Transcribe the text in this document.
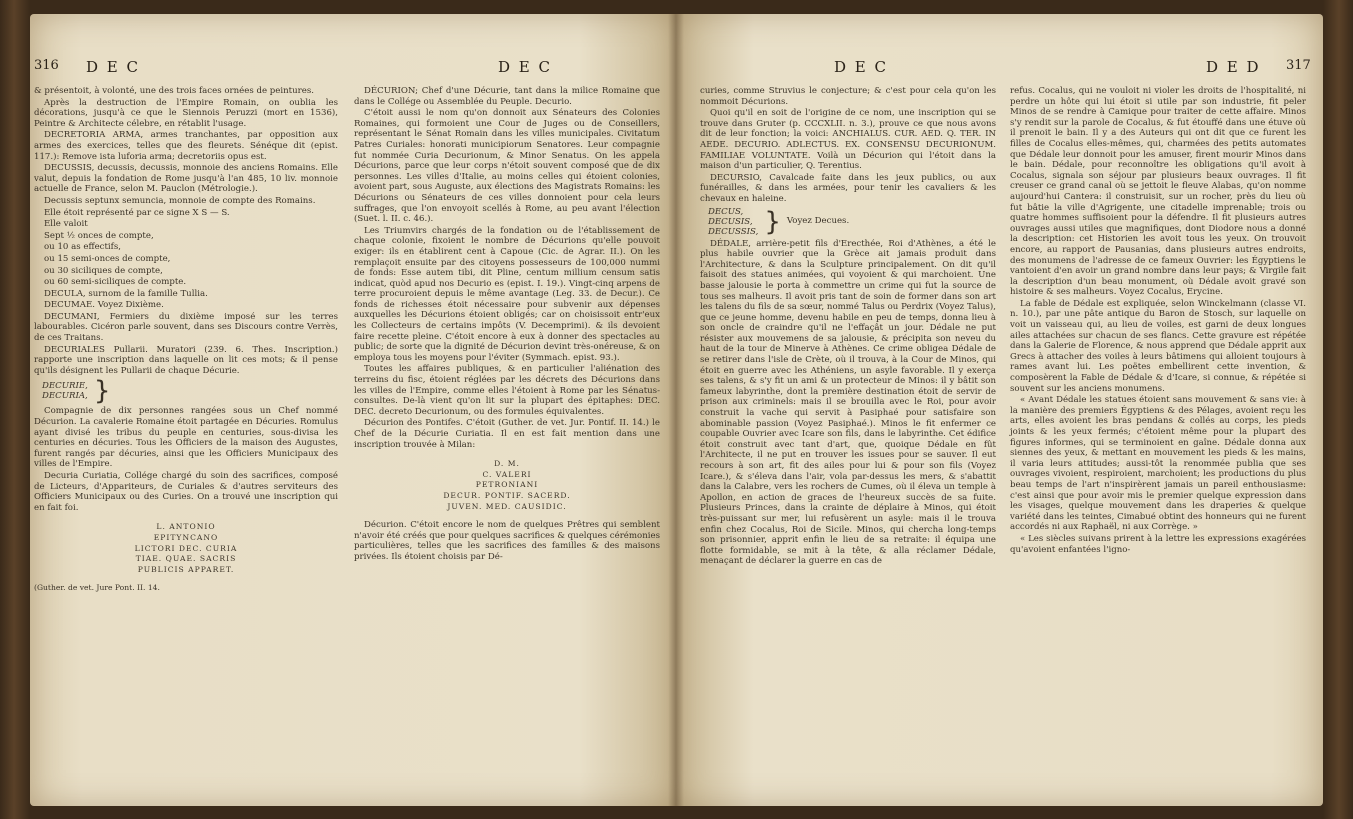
316 D E C	D E C

& présentoit, à volonté, une des trois faces ornées de peintures.

Après la destruction de l'Empire Romain, on oublia les décorations, jusqu'à ce que le Siennois Peruzzi (mort en 1536), Peintre & Architecte célebre, en rétablit l'usage.

DECRETORIA ARMA, armes tranchantes, par opposition aux armes des exercices, telles que des fleurets. Sénéque dit (epist. 117.): Remove ista luforia arma; decretoriis opus est.

DECUSSIS, decussis, decussis, monnoie des anciens Romains. Elle valut, depuis la fondation de Rome jusqu'à l'an 485, 10 liv. monnoie actuelle de France, selon M. Pauclon (Métrologie.).

Decussis septunx semuncia, monnoie de compte des Romains.

Elle étoit représenté par ce signe X S — S.

Elle valoit

Sept ½ onces de compte,

ou 10 as effectifs,

ou 15 semi-onces de compte,

ou 30 siciliques de compte,

ou 60 semi-siciliques de compte.

DECULA, surnom de la famille Tullia.

DECUMAE. Voyez Dixième.

DECUMANI, Fermiers du dixième imposé sur les terres labourables. Cicéron parle souvent, dans ses Discours contre Verrès, de ces Traitans.

DECURIALES Pullarii. Muratori (239. 6. Thes. Inscription.) rapporte une inscription dans laquelle on lit ces mots; & il pense qu'ils désignent les Pullarii de chaque Décurie.

DECURIE,
DECURIA, }

Compagnie de dix personnes rangées sous un Chef nommé Décurion. La cavalerie Romaine étoit partagée en Décuries. Romulus ayant divisé les tribus du peuple en centuries, sous-divisa les centuries en décuries. Tous les Officiers de la maison des Augustes, furent rangés par décuries, ainsi que les Officiers Municipaux des villes de l'Empire.

Decuria Curiatia, Collége chargé du soin des sacrifices, composé de Licteurs, d'Appariteurs, de Curiales & d'autres serviteurs des Officiers Municipaux ou des Curies. On a trouvé une inscription qui en fait foi.

L. ANTONIO

EPITYNCANO

LICTORI DEC. CURIA

TIAE. QUAE. SACRIS

PUBLICIS APPARET.

(Guther. de vet. Jure Pont. II. 14.

DÉCURION; Chef d'une Décurie, tant dans la milice Romaine que dans le Collége ou Assemblée du Peuple. Decurio.

C'étoit aussi le nom qu'on donnoit aux Sénateurs des Colonies Romaines, qui formoient une Cour de Juges ou de Conseillers, représentant le Sénat Romain dans les villes municipales. Civitatum Patres Curiales: honorati municipiorum Senatores. Leur compagnie fut nommée Curia Decurionum, & Minor Senatus. On les appela Décurions, parce que leur corps n'étoit souvent composé que de dix personnes. Les villes d'Italie, au moins celles qui étoient colonies, avoient part, sous Auguste, aux élections des Magistrats Romains: les Décurions ou Sénateurs de ces villes donnoient pour cela leurs suffrages, que l'on envoyoit scellés à Rome, au peu avant l'élection (Suet. l. II. c. 46.).

Les Triumvirs chargés de la fondation ou de l'établissement de chaque colonie, fixoient le nombre de Décurions qu'elle pouvoit exiger: ils en établirent cent à Capoue (Cic. de Agrar. II.). On les remplaçoit ensuite par des citoyens possesseurs de 100,000 nummi de fonds: Esse autem tibi, dit Pline, centum millium censum satis indicat, quòd apud nos Decurio es (epist. I. 19.). Vingt-cinq arpens de terre procuroient depuis le même avantage (Leg. 33. de Decur.). Ce fonds de richesses étoit nécessaire pour subvenir aux dépenses auxquelles les Décurions étoient obligés; car on choisissoit entr'eux les Collecteurs de certains impôts (V. Decemprimi). & ils devoient faire recette pleine. C'étoit encore à eux à donner des spectacles au public; de sorte que la dignité de Décurion devint très-onéreuse, & on employa tous les moyens pour l'éviter (Symmach. epist. 93.).

Toutes les affaires publiques, & en particulier l'aliénation des terreins du fisc, étoient réglées par les décrets des Décurions dans les villes de l'Empire, comme elles l'étoient à Rome par les Sénatus-consultes. De-là vient qu'on lit sur la plupart des épitaphes: DEC. DEC. decreto Decurionum, ou des formules équivalentes.

Décurion des Pontifes. C'étoit (Guther. de vet. Jur. Pontif. II. 14.) le Chef de la Décurie Curiatia. Il en est fait mention dans une inscription trouvée à Milan:

D. M.

C. VALERI

PETRONIANI

DECUR. PONTIF. SACERD.

JUVEN. MED. CAUSIDIC.

Décurion. C'étoit encore le nom de quelques Prêtres qui semblent n'avoir été créés que pour quelques sacrifices & quelques cérémonies particulières, telles que les sacrifices des familles & des maisons privées. Ils étoient choisis par Dé-

D E C	D E D 317

curies, comme Struvius le conjecture; & c'est pour cela qu'on les nommoit Décurions.

Quoi qu'il en soit de l'origine de ce nom, une inscription qui se trouve dans Gruter (p. CCCXLII. n. 3.), prouve ce que nous avons dit de leur fonction; la voici: ANCHIALUS. CUR. AED. Q. TER. IN AEDE. DECURIO. ADLECTUS. EX. CONSENSU DECURIONUM. FAMILIAE VOLUNTATE. Voilà un Décurion qui l'étoit dans la maison d'un particulier, Q. Terentius.

DECURSIO, Cavalcade faite dans les jeux publics, ou aux funérailles, & dans les armées, pour tenir les cavaliers & les chevaux en haleine.

DECUS,
DECUSIS,
DECUSSIS, } Voyez Decues.

DÉDALE, arrière-petit fils d'Erecthée, Roi d'Athènes, a été le plus habile ouvrier que la Grèce ait jamais produit dans l'Architecture, & dans la Sculpture principalement. On dit qu'il faisoit des statues animées, qui voyoient & qui marchoient. Une basse jalousie le porta à commettre un crime qui fut la source de tous ses malheurs. Il avoit pris tant de soin de former dans son art les talens du fils de sa sœur, nommé Talus ou Perdrix (Voyez Talus), que ce jeune homme, devenu habile en peu de temps, donna lieu à son oncle de craindre qu'il ne l'effaçât un jour. Dédale ne put résister aux mouvemens de sa jalousie, & précipita son neveu du haut de la tour de Minerve à Athènes. Ce crime obligea Dédale de se retirer dans l'isle de Crète, où il trouva, à la Cour de Minos, qui étoit en guerre avec les Athéniens, un asyle favorable. Il y exerça ses talens, & s'y fit un ami & un protecteur de Minos: il y bâtit son fameux labyrinthe, dont la première destination étoit de servir de prison aux criminels: mais il se brouilla avec le Roi, pour avoir construit la vache qui servit à Pasiphaé pour satisfaire son abominable passion (Voyez Pasiphaé.). Minos le fit enfermer ce coupable Ouvrier avec Icare son fils, dans le labyrinthe. Cet édifice étoit construit avec tant d'art, que, quoique Dédale en fût l'Architecte, il ne put en trouver les issues pour se sauver. Il eut recours à son art, fit des ailes pour lui & pour son fils (Voyez Icare.), & s'éleva dans l'air, vola par-dessus les mers, & s'abattit dans la Calabre, vers les rochers de Cumes, où il éleva un temple à Apollon, en action de graces de l'heureux succès de sa fuite. Plusieurs Princes, dans la crainte de déplaire à Minos, qui étoit très-puissant sur mer, lui refusèrent un asyle: mais il le trouva enfin chez Cocalus, Roi de Sicile. Minos, qui chercha long-temps son prisonnier, apprit enfin le lieu de sa retraite: il équipa une flotte formidable, se mit à la tête, & alla réclamer Dédale, menaçant de déclarer la guerre en cas de

refus. Cocalus, qui ne vouloit ni violer les droits de l'hospitalité, ni perdre un hôte qui lui étoit si utile par son industrie, fit peler Minos de se rendre à Camique pour traiter de cette affaire. Minos s'y rendit sur la parole de Cocalus, & fut étouffé dans une étuve où il prenoit le bain. Il y a des Auteurs qui ont dit que ce furent les filles de Cocalus elles-mêmes, qui, charmées des petits automates que Dédale leur donnoit pour les amuser, firent mourir Minos dans le bain. Dédale, pour reconnoître les obligations qu'il avoit à Cocalus, signala son séjour par plusieurs beaux ouvrages. Il fit creuser ce grand canal où se jettoit le fleuve Alabas, qu'on nomme aujourd'hui Cantera: il construisit, sur un rocher, près du lieu où fut bâtie la ville d'Agrigente, une citadelle imprenable; trois ou quatre hommes suffisoient pour la défendre. Il fit plusieurs autres ouvrages aussi utiles que magnifiques, dont Diodore nous a donné la description: cet Historien les avoit tous les yeux. On trouvoit encore, au rapport de Pausanias, dans plusieurs autres endroits, des monumens de l'adresse de ce fameux Ouvrier: les Égyptiens le vantoient d'en avoir un grand nombre dans leur pays; & Virgile fait la description d'un beau monument, où Dédale avoit gravé son histoire & ses malheurs. Voyez Cocalus, Erycine.

La fable de Dédale est expliquée, selon Winckelmann (classe VI. n. 10.), par une pâte antique du Baron de Stosch, sur laquelle on voit un vaisseau qui, au lieu de voiles, est garni de deux longues ailes attachées sur chacun de ses flancs. Cette gravure est répétée dans la Galerie de Florence, & nous apprend que Dédale apprit aux Grecs à attacher des voiles à leurs bâtimens qui alloient toujours à rames avant lui. Les poëtes embellirent cette invention, & composèrent la Fable de Dédale & d'Icare, si connue, & répétée si souvent sur les anciens monumens.

« Avant Dédale les statues étoient sans mouvement & sans vie: à la manière des premiers Égyptiens & des Pélages, avoient reçu les arts, elles avoient les bras pendans & collés au corps, les pieds joints & les yeux fermés; c'étoient même pour la plupart des figures informes, qui se terminoient en gaîne. Dédale donna aux siennes des yeux, & mettant en mouvement les pieds & les mains, il varia leurs attitudes; aussi-tôt la renommée publia que ses ouvrages vivoient, respiroient, marchoient; les productions du plus beau temps de l'art n'inspirèrent jamais un pareil enthousiasme: c'est ainsi que pour avoir mis le premier quelque expression dans les visages, quelque mouvement dans les draperies & quelque variété dans les teintes, Cimabué obtint des honneurs qui ne furent accordés ni aux Raphaël, ni aux Corrège. »

« Les siècles suivans prirent à la lettre les expressions exagérées qu'avoient enfantées l'igno-
